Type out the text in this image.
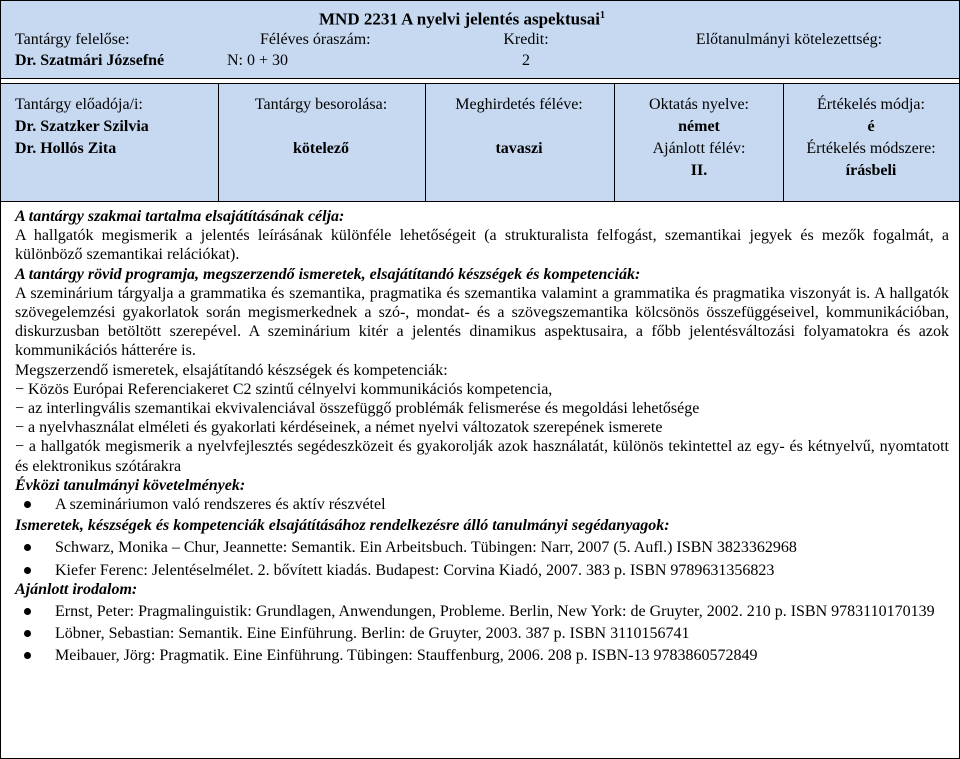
MND 2231 A nyelvi jelentés aspektusai$^1$
Tantárgy felelőse:
Dr. Szatmári Józsefné
Féléves óraszám:
N: 0 + 30
Kredit:
2
Előtanulmányi kötelezettség:
Tantárgy előadója/i:
Dr. Szatzker Szilvia
Dr. Hollós Zita
Tantárgy besorolása:
kötelező
Meghirdetés féléve:
tavaszi
Oktatás nyelve:
német
Ajánlott félév:
II.
Értékelés módja:
é
Értékelés módszere:
írásbeli

A tantárgy szakmai tartalma elsajátításának célja:

A hallgatók megismerik a jelentés leírásának különféle lehetőségeit (a strukturalista felfogást, szemantikai jegyek és mezők fogalmát, a különböző szemantikai relációkat).

A tantárgy rövid programja, megszerzendő ismeretek, elsajátítandó készségek és kompetenciák:

A szeminárium tárgyalja a grammatika és szemantika, pragmatika és szemantika valamint a grammatika és pragmatika viszonyát is. A hallgatók szövegelemzési gyakorlatok során megismerkednek a szó-, mondat- és a szövegszemantika kölcsönös összefüggéseivel, kommunikációban, diskurzusban betöltött szerepével. A szeminárium kitér a jelentés dinamikus aspektusaira, a főbb jelentésváltozási folyamatokra és azok kommunikációs hátterére is.

Megszerzendő ismeretek, elsajátítandó készségek és kompetenciák:

− Közös Európai Referenciakeret C2 szintű célnyelvi kommunikációs kompetencia,

− az interlingvális szemantikai ekvivalenciával összefüggő problémák felismerése és megoldási lehetősége

− a nyelvhasználat elméleti és gyakorlati kérdéseinek, a német nyelvi változatok szerepének ismerete

− a hallgatók megismerik a nyelvfejlesztés segédeszközeit és gyakorolják azok használatát, különös tekintettel az egy- és kétnyelvű, nyomtatott és elektronikus szótárakra

Évközi tanulmányi követelmények:

A szemináriumon való rendszeres és aktív részvétel

Ismeretek, készségek és kompetenciák elsajátításához rendelkezésre álló tanulmányi segédanyagok:

Schwarz, Monika – Chur, Jeannette: Semantik. Ein Arbeitsbuch. Tübingen: Narr, 2007 (5. Aufl.) ISBN 3823362968
Kiefer Ferenc: Jelentéselmélet. 2. bővített kiadás. Budapest: Corvina Kiadó, 2007. 383 p. ISBN 9789631356823

Ajánlott irodalom:

Ernst, Peter: Pragmalinguistik: Grundlagen, Anwendungen, Probleme. Berlin, New York: de Gruyter, 2002. 210 p. ISBN 9783110170139
Löbner, Sebastian: Semantik. Eine Einführung. Berlin: de Gruyter, 2003. 387 p. ISBN 3110156741
Meibauer, Jörg: Pragmatik. Eine Einführung. Tübingen: Stauffenburg, 2006. 208 p. ISBN-13 9783860572849
